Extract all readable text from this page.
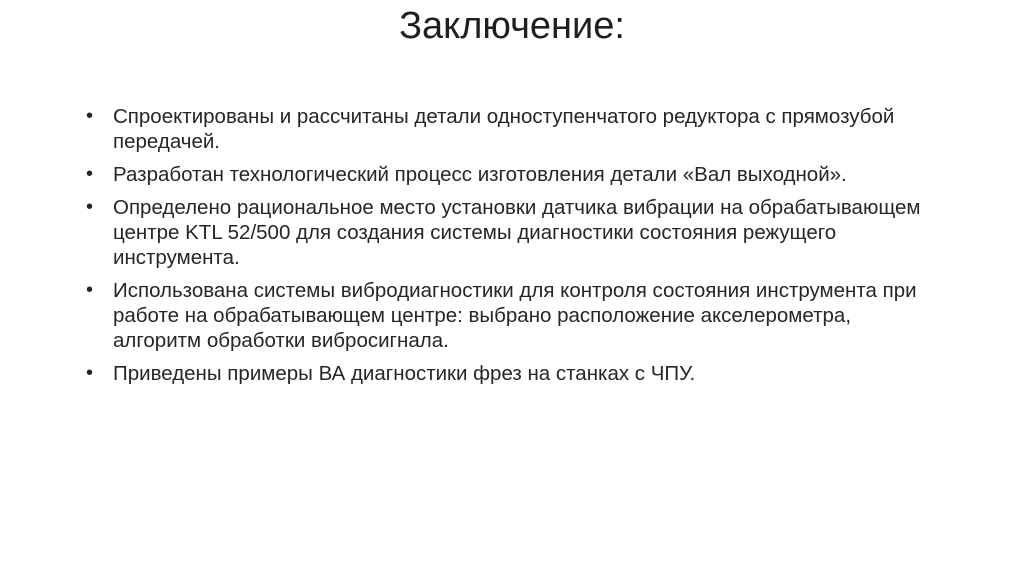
Заключение:
• Спроектированы и рассчитаны детали одноступенчатого редуктора с прямозубой передачей.
• Разработан технологический процесс изготовления детали «Вал выходной».
• Определено рациональное место установки датчика вибрации на обрабатывающем центре KTL 52/500 для создания системы диагностики состояния режущего инструмента.
• Использована системы вибродиагностики для контроля состояния инструмента при работе на обрабатывающем центре: выбрано расположение акселерометра, алгоритм обработки вибросигнала.
• Приведены примеры ВА диагностики фрез на станках с ЧПУ.
